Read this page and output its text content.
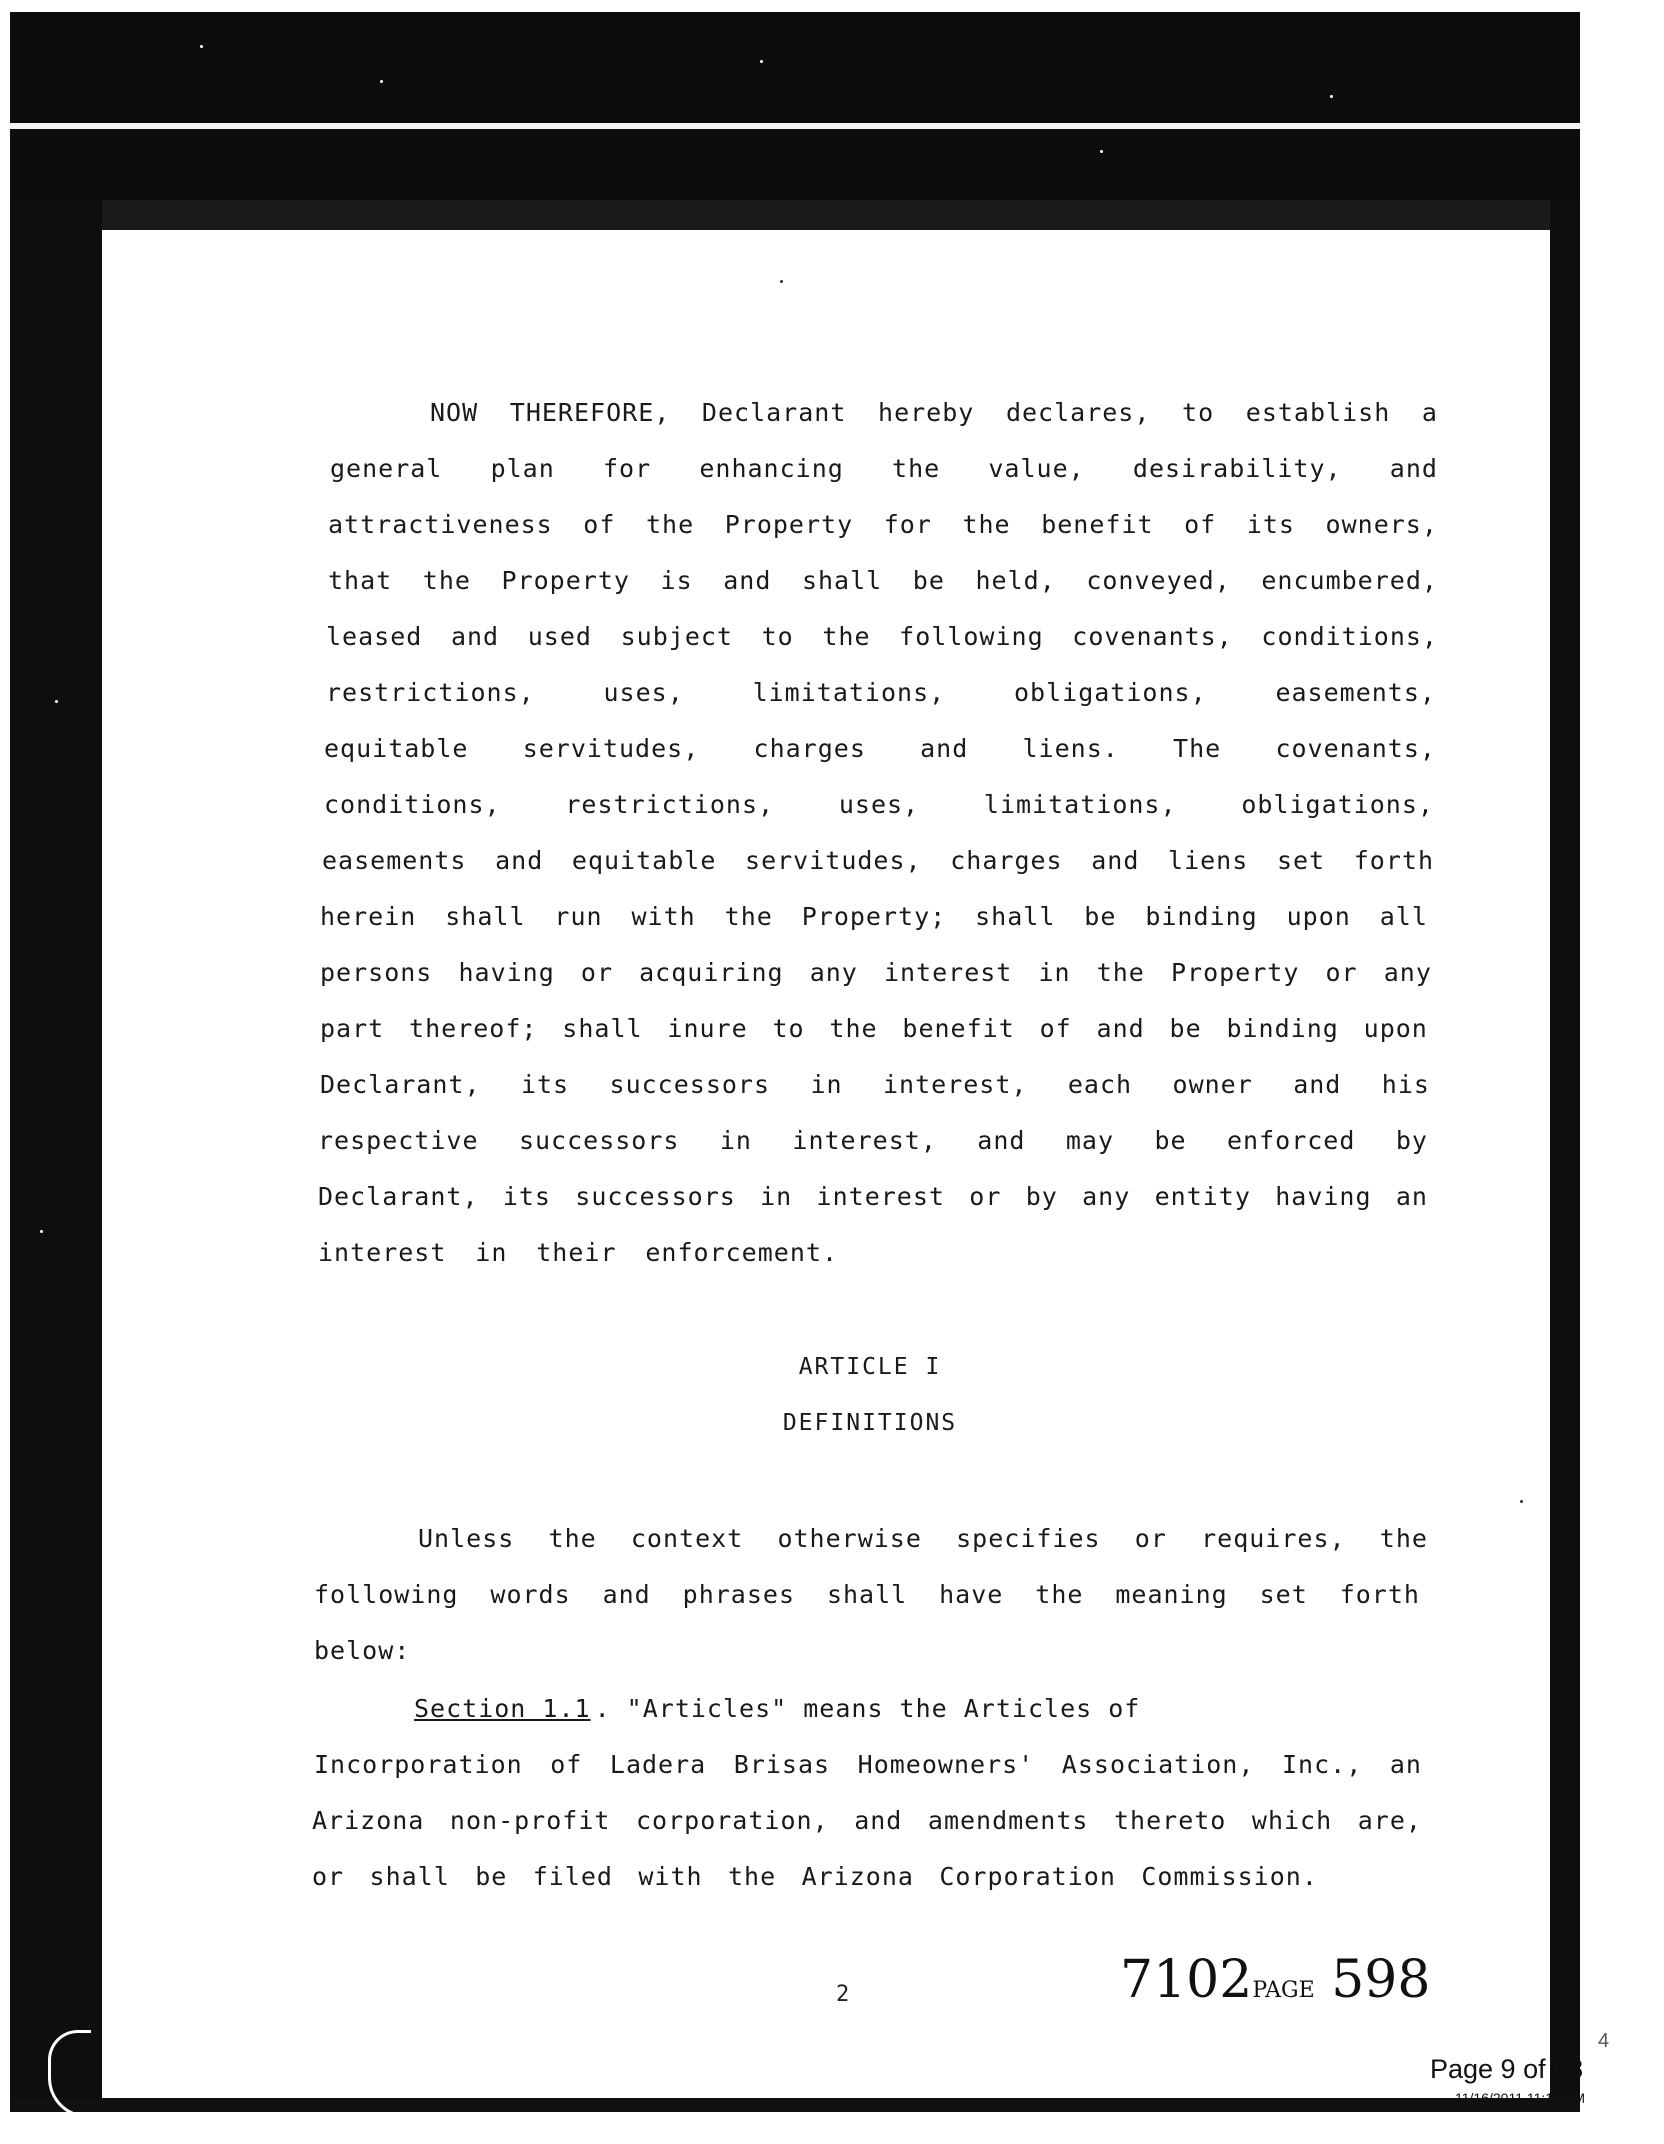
NOW THEREFORE, Declarant hereby declares, to establish a

general plan for enhancing the value, desirability, and

attractiveness of the Property for the benefit of its owners,

that the Property is and shall be held, conveyed, encumbered,

leased and used subject to the following covenants, conditions,

restrictions,	uses,	limitations,	obligations,	easements,

equitable servitudes, charges and liens. The covenants,

conditions,	restrictions,	uses,	limitations,	obligations,

easements and equitable servitudes, charges and liens set forth

herein shall run with the Property; shall be binding upon all

persons having or acquiring any interest in the Property or any

part thereof; shall inure to the benefit of and be binding upon

Declarant, its successors in interest, each owner and his

respective successors in interest, and may be enforced by

Declarant, its successors in interest or by any entity having an

interest in their enforcement.

ARTICLE I

DEFINITIONS

Unless the context otherwise specifies or requires, the

following words and phrases shall have the meaning set forth

below:

Section 1.1 . "Articles" means the Articles of

Incorporation of Ladera Brisas Homeowners' Association, Inc., an

Arizona non-profit corporation, and amendments thereto which are,

or shall be filed with the Arizona Corporation Commission.

2	7102PAGE 598
4
Page 9 of 68
11/16/2011 11:12 AM
